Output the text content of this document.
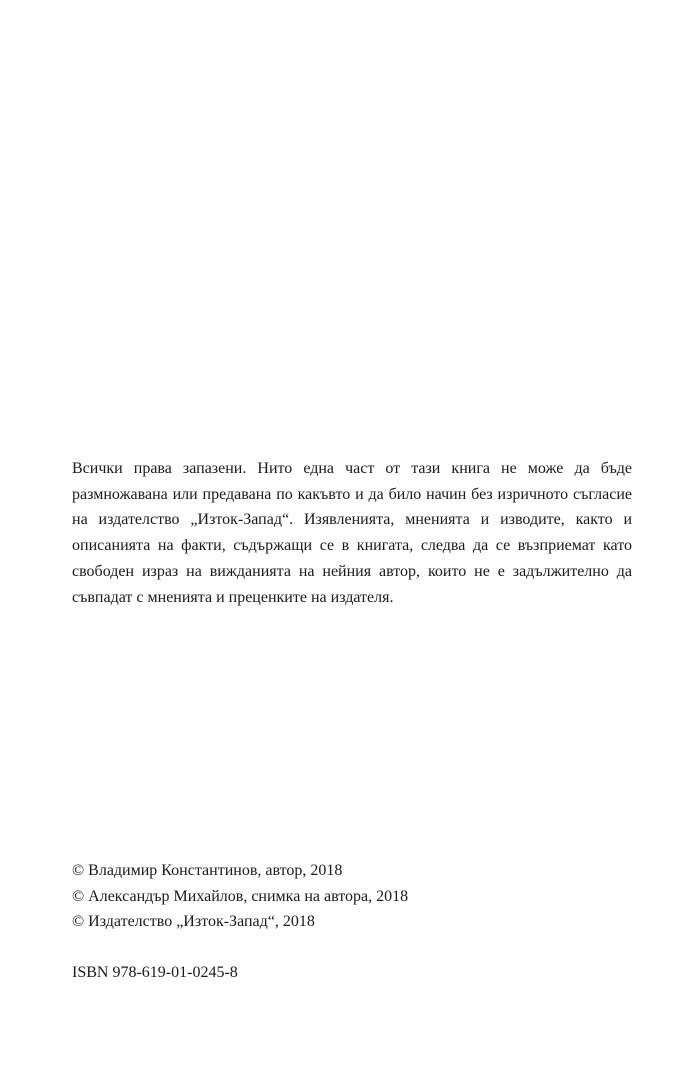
Всички права запазени. Нито една част от тази книга не може да бъде размножавана или предавана по какъвто и да било начин без изричното съгласие на издателство „Изток-Запад“. Изявленията, мненията и изводите, както и описанията на факти, съдържащи се в книгата, следва да се възприемат като свободен израз на вижданията на нейния автор, които не е задължително да съвпадат с мненията и преценките на издателя.

© Владимир Константинов, автор, 2018
© Александър Михайлов, снимка на автора, 2018
© Издателство „Изток-Запад“, 2018

ISBN 978-619-01-0245-8
